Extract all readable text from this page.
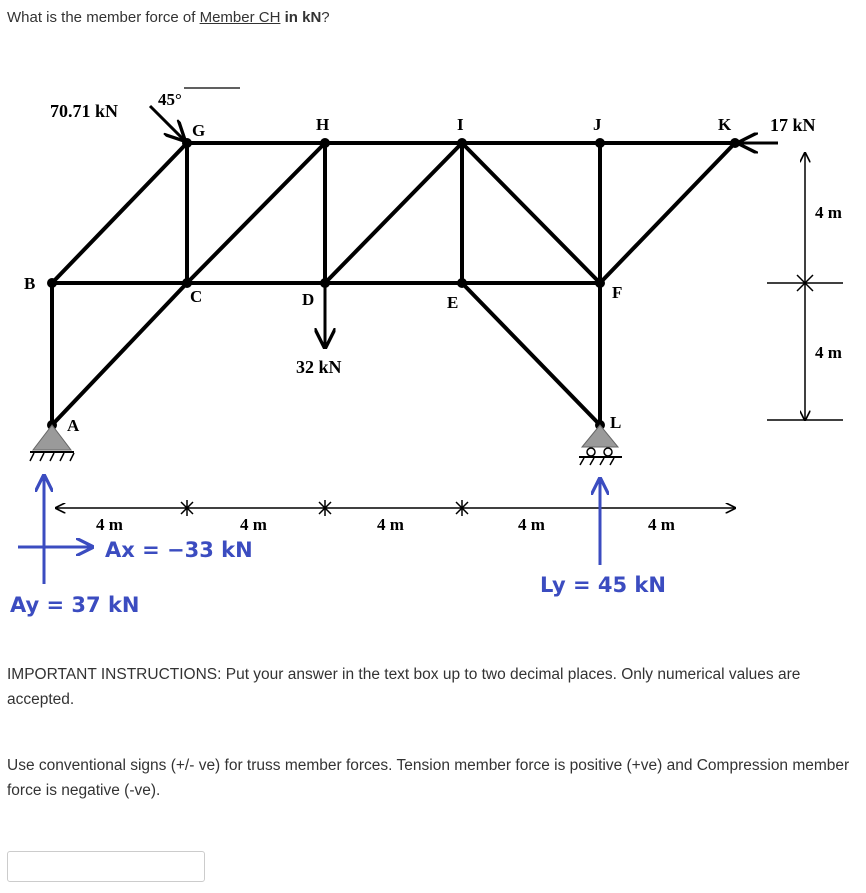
What is the member force of Member CH in kN?
B
G	H	I	J	K
C	D	E
F
A	L
70.71 kN
45°
17 kN
32 kN
4 m
4 m
4 m	4 m	4 m	4 m	4 m
Ax = −33 kN
Ay = 37 kN
Ly = 45 kN
IMPORTANT INSTRUCTIONS: Put your answer in the text box up to two decimal places. Only numerical values are accepted.
Use conventional signs (+/- ve) for truss member forces. Tension member force is positive (+ve) and Compression member force is negative (-ve).
